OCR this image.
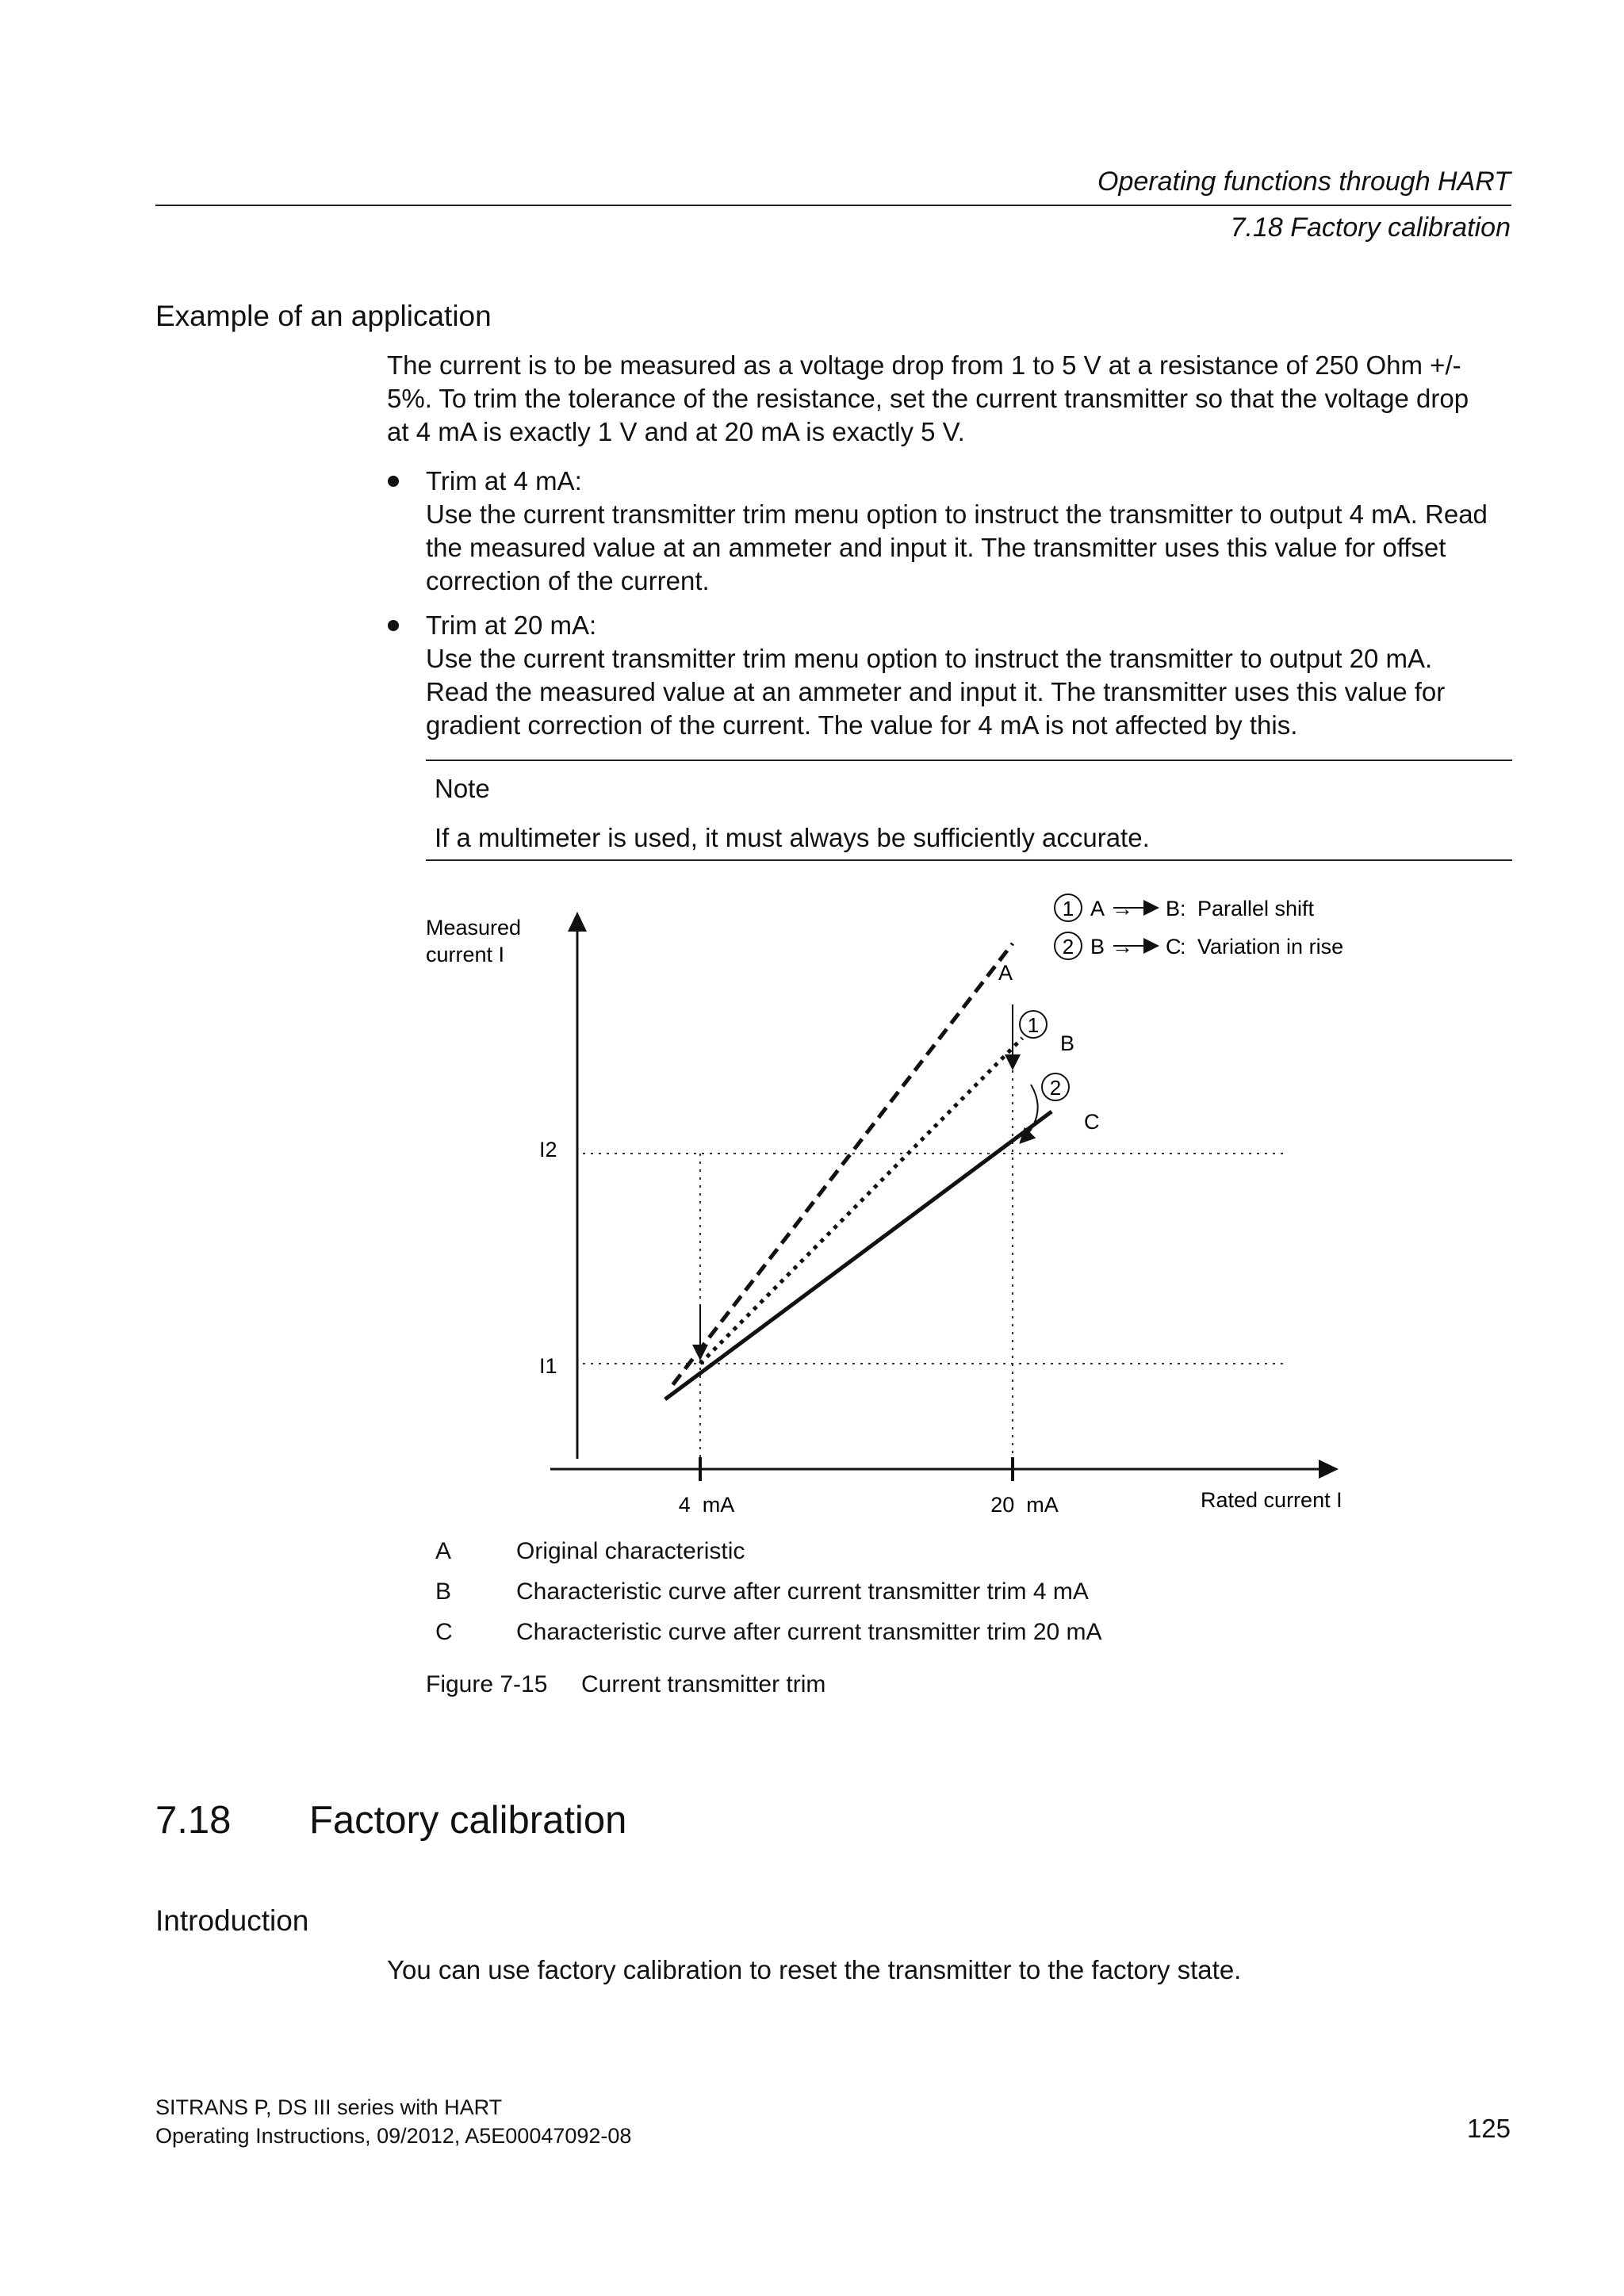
Operating functions through HART
7.18 Factory calibration
Example of an application
The current is to be measured as a voltage drop from 1 to 5 V at a resistance of 250 Ohm +/-
5%. To trim the tolerance of the resistance, set the current transmitter so that the voltage drop
at 4 mA is exactly 1 V and at 20 mA is exactly 5 V.
Trim at 4 mA:
Use the current transmitter trim menu option to instruct the transmitter to output 4 mA. Read
the measured value at an ammeter and input it. The transmitter uses this value for offset
correction of the current.
Trim at 20 mA:
Use the current transmitter trim menu option to instruct the transmitter to output 20 mA.
Read the measured value at an ammeter and input it. The transmitter uses this value for
gradient correction of the current. The value for 4 mA is not affected by this.
Note
If a multimeter is used, it must always be sufficiently accurate.
1
2
A
B
C
Measured
current I
I2
I1
4  mA	20  mA	Rated current I
1 A → B : Parallel shift
2 B → C
: Variation in rise
A	Original characteristic
B	Characteristic curve after current transmitter trim 4 mA
C	Characteristic curve after current transmitter trim 20 mA
Figure 7-15 Current transmitter trim
7.18 Factory calibration
Introduction
You can use factory calibration to reset the transmitter to the factory state.
SITRANS P, DS III series with HART
Operating Instructions, 09/2012, A5E00047092-08	125
